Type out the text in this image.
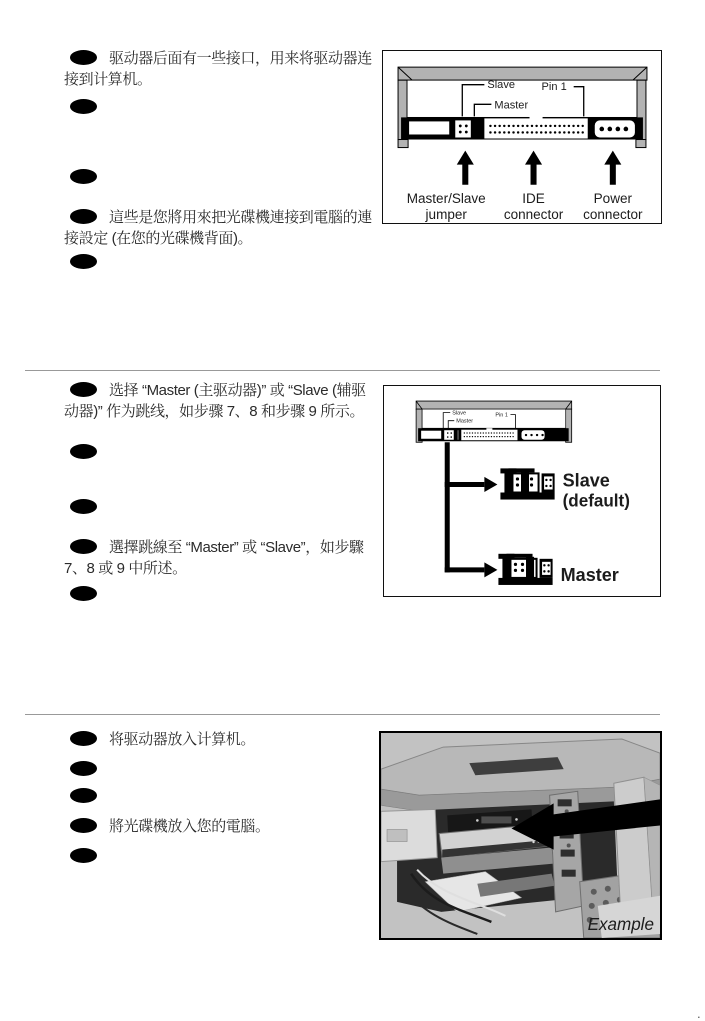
驱动器后面有一些接口，用来将驱动器连接到计算机。
這些是您將用來把光碟機連接到電腦的連接設定 (在您的光碟機背面)。
Slave
Master
Pin 1
Master/Slave
jumper
IDE
connector
Power
connector
选择 “Master (主驱动器)” 或 “Slave (辅驱动器)” 作为跳线，如步骤 7、8 和步骤 9 所示。
選擇跳線至 “Master” 或 “Slave”，如步驟 7、8 或 9 中所述。
Slave
Master
Pin 1
Slave
(default)
Master
将驱动器放入计算机。
將光碟機放入您的電腦。
Example
.
